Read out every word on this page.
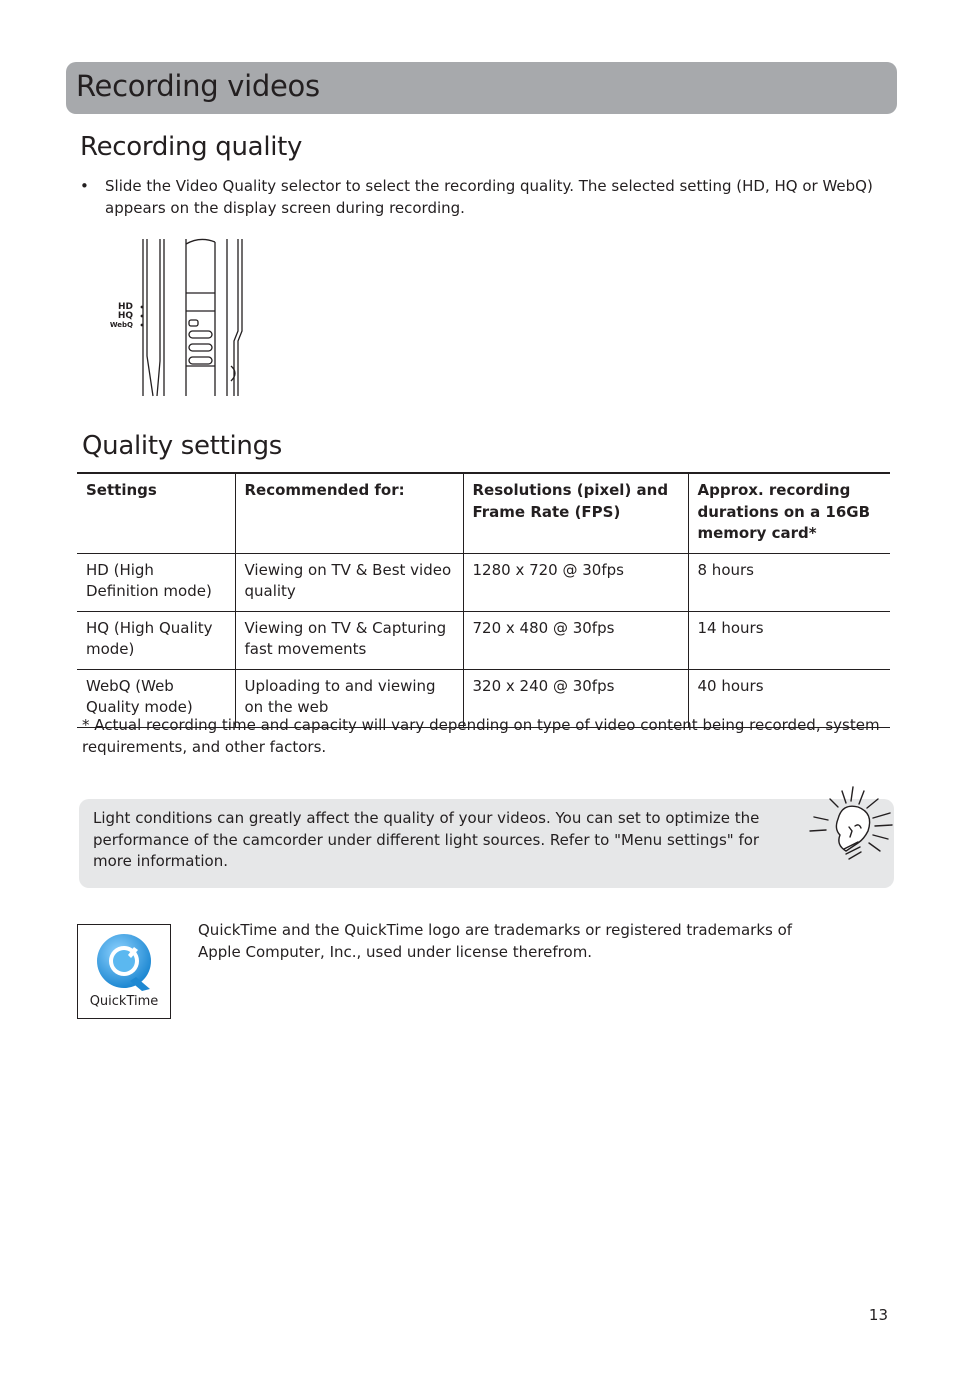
Recording videos
Recording quality
• Slide the Video Quality selector to select the recording quality. The selected setting (HD, HQ or WebQ) appears on the display screen during recording.
HD
HQ
WebQ
Quality settings
Settings	Recommended for:	Resolutions (pixel) and Frame Rate (FPS)	Approx. recording durations on a 16GB memory card*
HD (High Definition mode)	Viewing on TV & Best video quality	1280 x 720 @ 30fps	8 hours
HQ (High Quality mode)	Viewing on TV & Capturing fast movements	720 x 480 @ 30fps	14 hours
WebQ (Web Quality mode)	Uploading to and viewing on the web	320 x 240 @ 30fps	40 hours
* Actual recording time and capacity will vary depending on type of video content being recorded, system requirements, and other factors.
Light conditions can greatly affect the quality of your videos. You can set to optimize the performance of the camcorder under different light sources. Refer to "Menu settings" for more information.
QuickTime
QuickTime and the QuickTime logo are trademarks or registered trademarks of Apple Computer, Inc., used under license therefrom.
13
